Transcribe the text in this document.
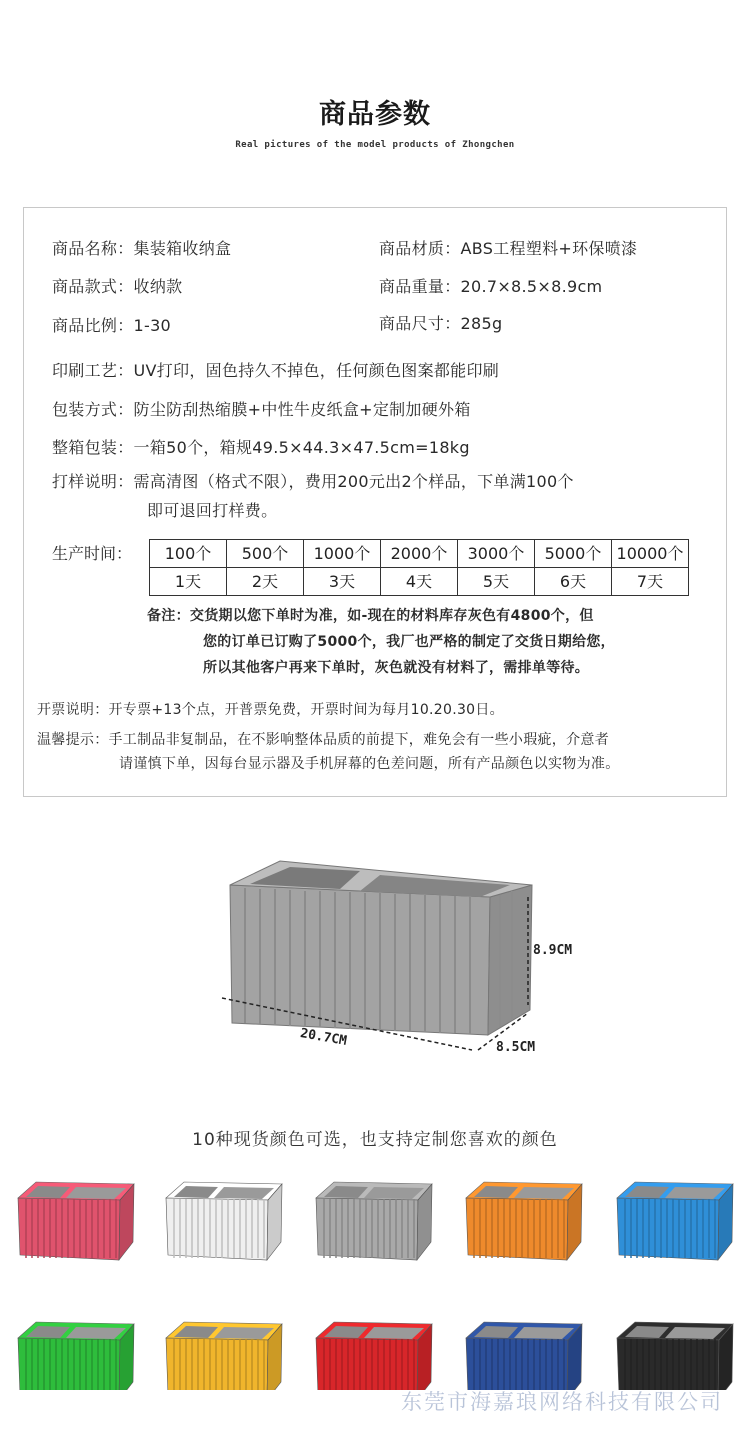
商品参数
Real pictures of the model products of Zhongchen
商品名称：集装箱收纳盒	商品材质：ABS工程塑料+环保喷漆
商品款式：收纳款	商品重量：20.7×8.5×8.9cm
商品比例：1-30	商品尺寸：285g
印刷工艺：UV打印，固色持久不掉色，任何颜色图案都能印刷
包装方式：防尘防刮热缩膜+中性牛皮纸盒+定制加硬外箱
整箱包装：一箱50个，箱规49.5×44.3×47.5cm=18kg
打样说明：需高清图（格式不限），费用200元出2个样品，下单满100个
即可退回打样费。
生产时间： 100个	500个	1000个	2000个	3000个	5000个	10000个
1天	2天	3天	4天	5天	6天	7天
备注：交货期以您下单时为准，如-现在的材料库存灰色有4800个，但
您的订单已订购了5000个，我厂也严格的制定了交货日期给您，
所以其他客户再来下单时，灰色就没有材料了，需排单等待。
开票说明：开专票+13个点，开普票免费，开票时间为每月10.20.30日。
温馨提示：手工制品非复制品，在不影响整体品质的前提下，难免会有一些小瑕疵，介意者
请谨慎下单，因每台显示器及手机屏幕的色差问题，所有产品颜色以实物为准。
20.7CM	8.5CM
8.9CM
10种现货颜色可选，也支持定制您喜欢的颜色
东莞市海嘉琅网络科技有限公司
